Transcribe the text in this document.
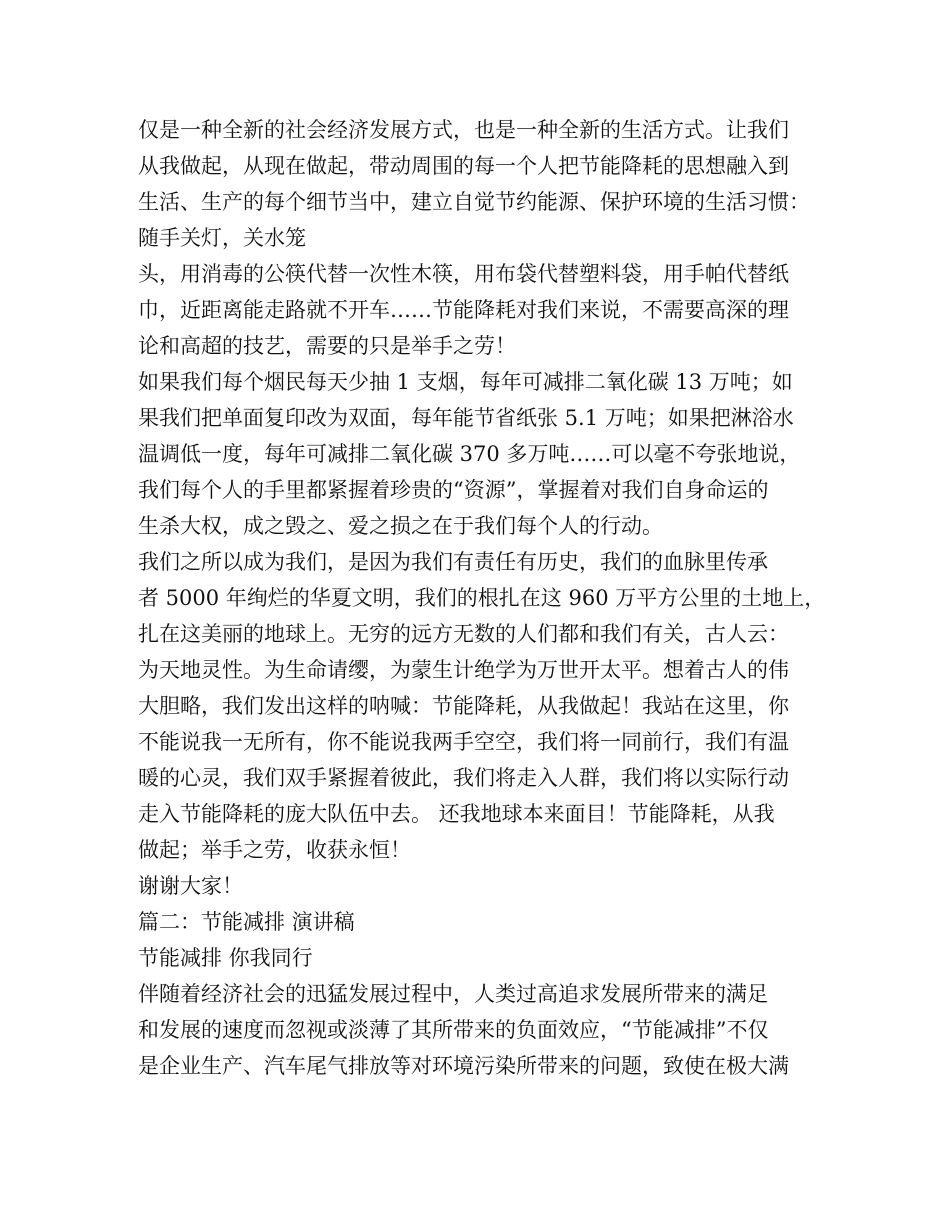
仅是一种全新的社会经济发展方式，也是一种全新的生活方式。让我们
从我做起，从现在做起，带动周围的每一个人把节能降耗的思想融入到
生活、生产的每个细节当中，建立自觉节约能源、保护环境的生活习惯：
随手关灯，关水笼
头，用消毒的公筷代替一次性木筷，用布袋代替塑料袋，用手帕代替纸
巾，近距离能走路就不开车……节能降耗对我们来说，不需要高深的理
论和高超的技艺，需要的只是举手之劳！
如果我们每个烟民每天少抽 1 支烟，每年可减排二氧化碳 13 万吨；如
果我们把单面复印改为双面，每年能节省纸张 5.1 万吨；如果把淋浴水
温调低一度，每年可减排二氧化碳 370 多万吨……可以毫不夸张地说，
我们每个人的手里都紧握着珍贵的“资源”，掌握着对我们自身命运的
生杀大权，成之毁之、爱之损之在于我们每个人的行动。
我们之所以成为我们，是因为我们有责任有历史，我们的血脉里传承
者 5000 年绚烂的华夏文明，我们的根扎在这 960 万平方公里的土地上，
扎在这美丽的地球上。无穷的远方无数的人们都和我们有关，古人云：
为天地灵性。为生命请缨，为蒙生计绝学为万世开太平。想着古人的伟
大胆略，我们发出这样的呐喊：节能降耗，从我做起！我站在这里，你
不能说我一无所有，你不能说我两手空空，我们将一同前行，我们有温
暖的心灵，我们双手紧握着彼此，我们将走入人群，我们将以实际行动
走入节能降耗的庞大队伍中去。 还我地球本来面目！节能降耗，从我
做起；举手之劳，收获永恒！
谢谢大家！
篇二：节能减排 演讲稿
节能减排 你我同行
伴随着经济社会的迅猛发展过程中，人类过高追求发展所带来的满足
和发展的速度而忽视或淡薄了其所带来的负面效应，“节能减排”不仅
是企业生产、汽车尾气排放等对环境污染所带来的问题，致使在极大满
